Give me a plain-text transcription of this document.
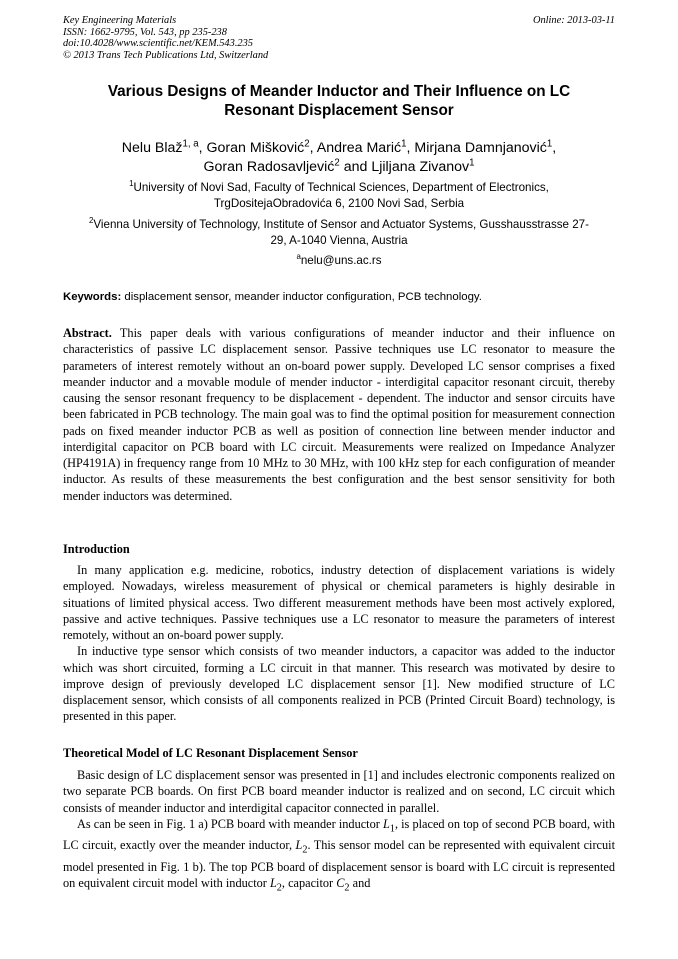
Key Engineering Materials
ISSN: 1662-9795, Vol. 543, pp 235-238
doi:10.4028/www.scientific.net/KEM.543.235
© 2013 Trans Tech Publications Ltd, Switzerland
Online: 2013-03-11
Various Designs of Meander Inductor and Their Influence on LC
Resonant Displacement Sensor
Nelu Blaž$^{1, a}$, Goran Mišković$^2$, Andrea Marić$^1$, Mirjana Damnjanović$^1$,
Goran Radosavljević$^2$ and Ljiljana Zivanov$^1$
$^1$University of Novi Sad, Faculty of Technical Sciences, Department of Electronics,
TrgDositejaObradovića 6, 2100 Novi Sad, Serbia
$^2$Vienna University of Technology, Institute of Sensor and Actuator Systems, Gusshausstrasse 27-
29, A-1040 Vienna, Austria
$^a$nelu@uns.ac.rs
Keywords: displacement sensor, meander inductor configuration, PCB technology.

Abstract. This paper deals with various configurations of meander inductor and their influence on characteristics of passive LC displacement sensor. Passive techniques use LC resonator to measure the parameters of interest remotely without an on-board power supply. Developed LC sensor comprises a fixed meander inductor and a movable module of mender inductor - interdigital capacitor resonant circuit, thereby causing the sensor resonant frequency to be displacement - dependent. The inductor and sensor circuits have been fabricated in PCB technology. The main goal was to find the optimal position for measurement connection pads on fixed meander inductor PCB as well as position of connection line between mender inductor and interdigital capacitor on PCB board with LC circuit. Measurements were realized on Impedance Analyzer (HP4191A) in frequency range from 10 MHz to 30 MHz, with 100 kHz step for each configuration of meander inductor. As results of these measurements the best configuration and the best sensor sensitivity for both mender inductors was determined.

Introduction

In many application e.g. medicine, robotics, industry detection of displacement variations is widely employed. Nowadays, wireless measurement of physical or chemical parameters is highly desirable in situations of limited physical access. Two different measurement methods have been most actively explored, passive and active techniques. Passive techniques use a LC resonator to measure the parameters of interest remotely, without an on-board power supply.

In inductive type sensor which consists of two meander inductors, a capacitor was added to the inductor which was short circuited, forming a LC circuit in that manner. This research was motivated by desire to improve design of previously developed LC displacement sensor [1]. New modified structure of LC displacement sensor, which consists of all components realized in PCB (Printed Circuit Board) technology, is presented in this paper.

Theoretical Model of LC Resonant Displacement Sensor

Basic design of LC displacement sensor was presented in [1] and includes electronic components realized on two separate PCB boards. On first PCB board meander inductor is realized and on second, LC circuit which consists of meander inductor and interdigital capacitor connected in parallel.

As can be seen in Fig. 1 a) PCB board with meander inductor $L_1$, is placed on top of second PCB board, with LC circuit, exactly over the meander inductor, $L_2$. This sensor model can be represented with equivalent circuit model presented in Fig. 1 b). The top PCB board of displacement sensor is board with LC circuit is represented on equivalent circuit model with inductor $L_2$, capacitor $C_2$ and
